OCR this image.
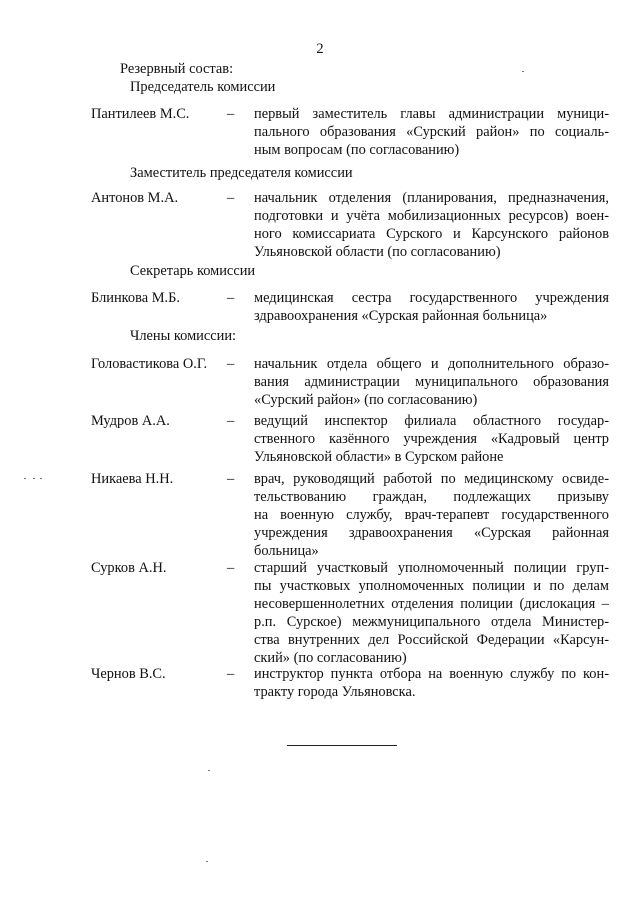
2
Резервный состав:
Председатель комиссии
Пантилеев М.С.	– первый заместитель главы администрации муници-
пального образования «Сурский район» по социаль-
ным вопросам (по согласованию)
Заместитель председателя комиссии
Антонов М.А.	– начальник отделения (планирования, предназначения,
подготовки и учёта мобилизационных ресурсов) воен-
ного комиссариата Сурского и Карсунского районов
Ульяновской области (по согласованию)
Секретарь комиссии
Блинкова М.Б.	– медицинская сестра государственного учреждения
здравоохранения «Сурская районная больница»
Члены комиссии:
Головастикова О.Г. – начальник отдела общего и дополнительного образо-
вания администрации муниципального образования
«Сурский район» (по согласованию)
Мудров А.А.	– ведущий инспектор филиала областного государ-
ственного казённого учреждения «Кадровый центр
Ульяновской области» в Сурском районе
Никаева Н.Н.	– врач, руководящий работой по медицинскому освиде-
тельствованию граждан, подлежащих призыву
на военную службу, врач-терапевт государственного
учреждения здравоохранения «Сурская районная
больница»
Сурков А.Н.	– старший участковый уполномоченный полиции груп-
пы участковых уполномоченных полиции и по делам
несовершеннолетних отделения полиции (дислокация –
р.п. Сурское) межмуниципального отдела Министер-
ства внутренних дел Российской Федерации «Карсун-
ский» (по согласованию)
Чернов В.С.	– инструктор пункта отбора на военную службу по кон-
тракту города Ульяновска.
